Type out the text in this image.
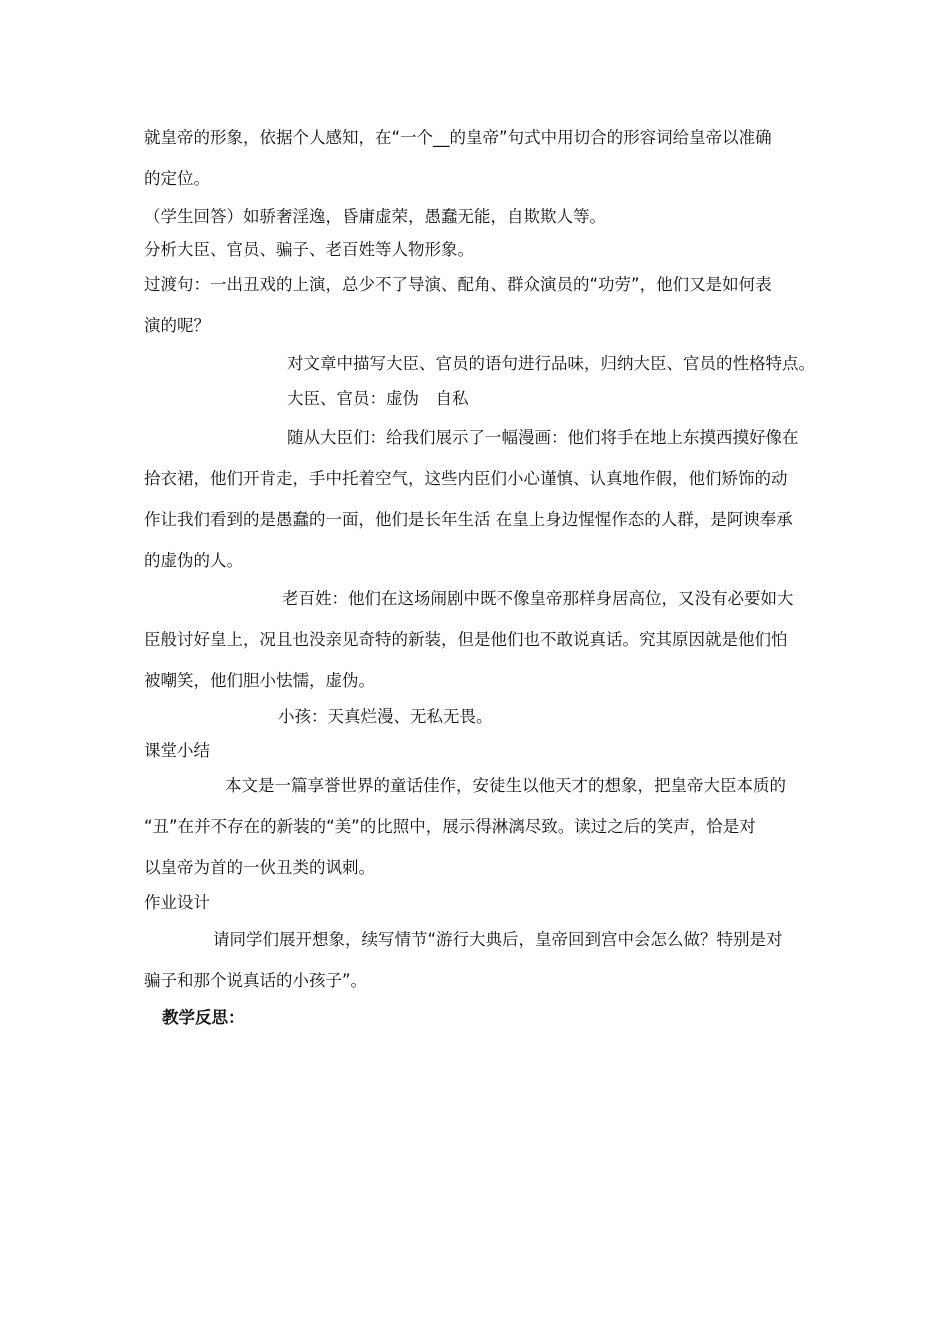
就皇帝的形象，依据个人感知，在“一个__的皇帝”句式中用切合的形容词给皇帝以准确
的定位。
（学生回答）如骄奢淫逸，昏庸虚荣，愚蠢无能，自欺欺人等。
分析大臣、官员、骗子、老百姓等人物形象。
过渡句：一出丑戏的上演，总少不了导演、配角、群众演员的“功劳”，他们又是如何表
演的呢？
对文章中描写大臣、官员的语句进行品味，归纳大臣、官员的性格特点。
大臣、官员：虚伪　自私
随从大臣们：给我们展示了一幅漫画：他们将手在地上东摸西摸好像在
拾衣裙，他们开肯走，手中托着空气，这些内臣们小心谨慎、认真地作假，他们矫饰的动
作让我们看到的是愚蠢的一面，他们是长年生活 在皇上身边惺惺作态的人群，是阿谀奉承
的虚伪的人。
老百姓：他们在这场闹剧中既不像皇帝那样身居高位，又没有必要如大
臣般讨好皇上，况且也没亲见奇特的新装，但是他们也不敢说真话。究其原因就是他们怕
被嘲笑，他们胆小怯懦，虚伪。
小孩：天真烂漫、无私无畏。
课堂小结
本文是一篇享誉世界的童话佳作，安徒生以他天才的想象，把皇帝大臣本质的
“丑”在并不存在的新装的“美”的比照中，展示得淋漓尽致。读过之后的笑声，恰是对
以皇帝为首的一伙丑类的讽刺。
作业设计
请同学们展开想象，续写情节“游行大典后，皇帝回到宫中会怎么做？特别是对
骗子和那个说真话的小孩子”。
教学反思：
